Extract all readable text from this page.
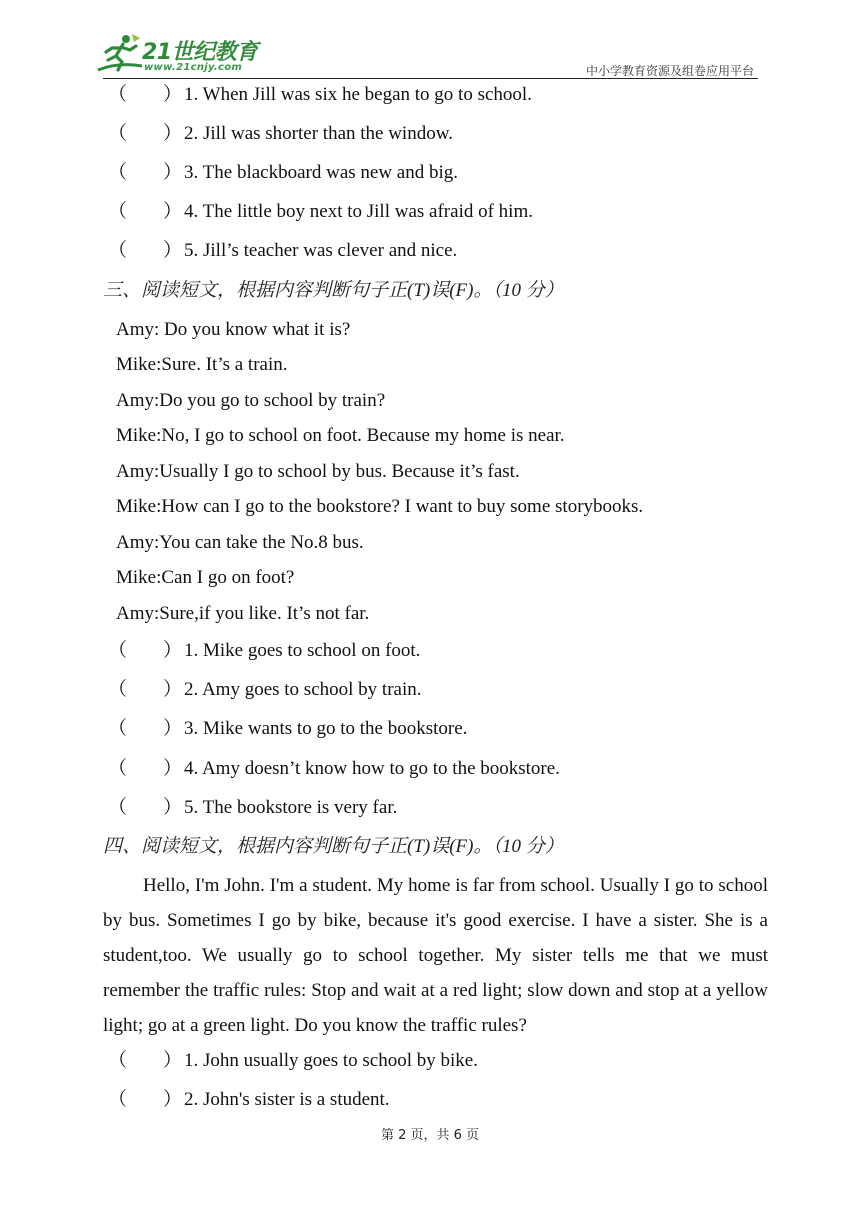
21世纪教育
www.21cnjy.com	中小学教育资源及组卷应用平台
（ ） 1. When Jill was six he began to go to school.
（ ） 2. Jill was shorter than the window.
（ ） 3. The blackboard was new and big.
（ ） 4. The little boy next to Jill was afraid of him.
（ ） 5. Jill’s teacher was clever and nice.
三、阅读短文，根据内容判断句子正(T)误(F)。（10 分）
Amy: Do you know what it is?
Mike:Sure. It’s a train.
Amy:Do you go to school by train?
Mike:No, I go to school on foot. Because my home is near.
Amy:Usually I go to school by bus. Because it’s fast.
Mike:How can I go to the bookstore? I want to buy some storybooks.
Amy:You can take the No.8 bus.
Mike:Can I go on foot?
Amy:Sure,if you like. It’s not far.
（ ） 1. Mike goes to school on foot.
（ ） 2. Amy goes to school by train.
（ ） 3. Mike wants to go to the bookstore.
（ ） 4. Amy doesn’t know how to go to the bookstore.
（ ） 5. The bookstore is very far.
四、阅读短文，根据内容判断句子正(T)误(F)。（10 分）
Hello, I'm John. I'm a student. My home is far from school. Usually I go to school by bus. Sometimes I go by bike, because it's good exercise. I have a sister. She is a student,too. We usually go to school together. My sister tells me that we must remember the traffic rules: Stop and wait at a red light; slow down and stop at a yellow light; go at a green light. Do you know the traffic rules?
（ ） 1. John usually goes to school by bike.
（ ） 2. John's sister is a student.
第 2 页，共 6 页
